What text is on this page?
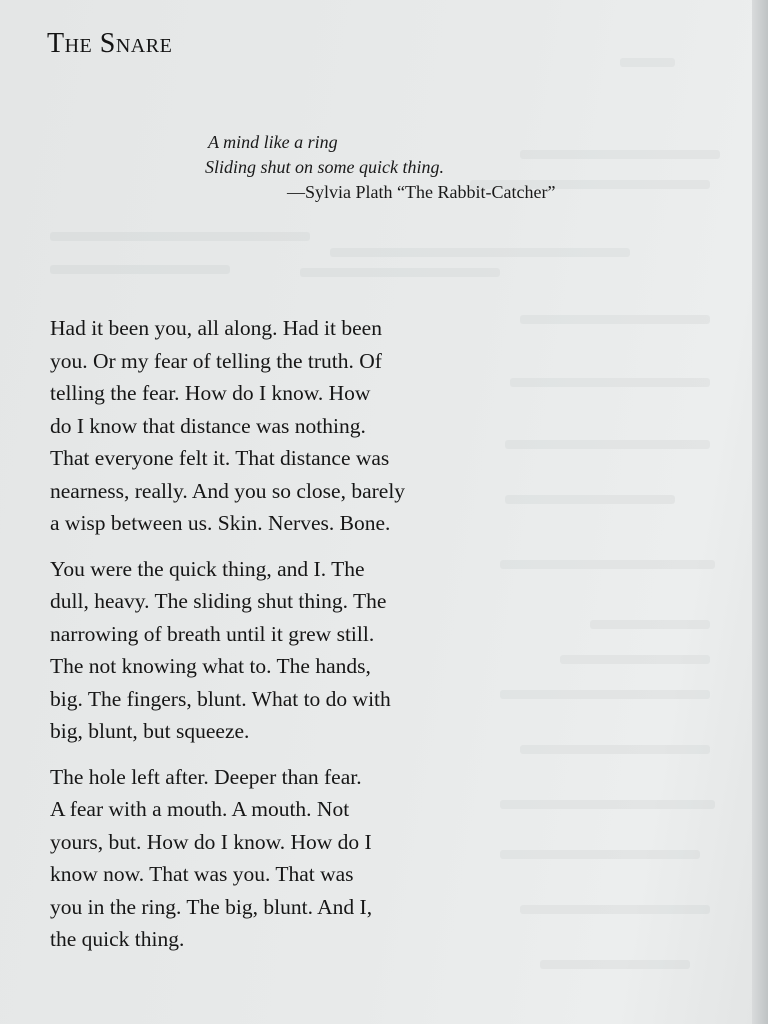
The Snare
A mind like a ring
Sliding shut on some quick thing.
—Sylvia Plath “The Rabbit-Catcher”

Had it been you, all along. Had it been
you. Or my fear of telling the truth. Of
telling the fear. How do I know. How
do I know that distance was nothing.
That everyone felt it. That distance was
nearness, really. And you so close, barely
a wisp between us. Skin. Nerves. Bone.

You were the quick thing, and I. The
dull, heavy. The sliding shut thing. The
narrowing of breath until it grew still.
The not knowing what to. The hands,
big. The fingers, blunt. What to do with
big, blunt, but squeeze.

The hole left after. Deeper than fear.
A fear with a mouth. A mouth. Not
yours, but. How do I know. How do I
know now. That was you. That was
you in the ring. The big, blunt. And I,
the quick thing.
